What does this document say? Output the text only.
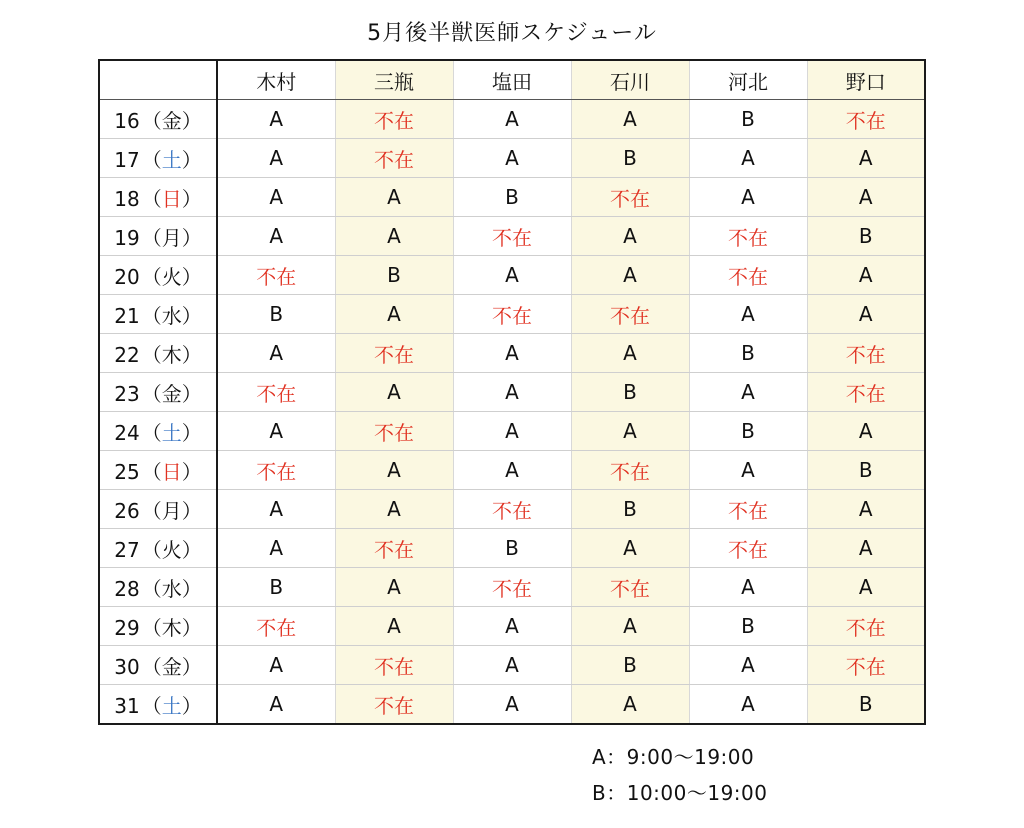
5月後半獣医師スケジュール
	木村	三瓶	塩田	石川	河北	野口
16 （金）	A	不在	A	A	B	不在
17 （土）	A	不在	A	B	A	A
18 （日）	A	A	B	不在	A	A
19 （月）	A	A	不在	A	不在	B
20 （火）	不在	B	A	A	不在	A
21 （水）	B	A	不在	不在	A	A
22 （木）	A	不在	A	A	B	不在
23 （金）	不在	A	A	B	A	不在
24 （土）	A	不在	A	A	B	A
25 （日）	不在	A	A	不在	A	B
26 （月）	A	A	不在	B	不在	A
27 （火）	A	不在	B	A	不在	A
28 （水）	B	A	不在	不在	A	A
29 （木）	不在	A	A	A	B	不在
30 （金）	A	不在	A	B	A	不在
31 （土）	A	不在	A	A	A	B
A：9:00〜19:00
B：10:00〜19:00
